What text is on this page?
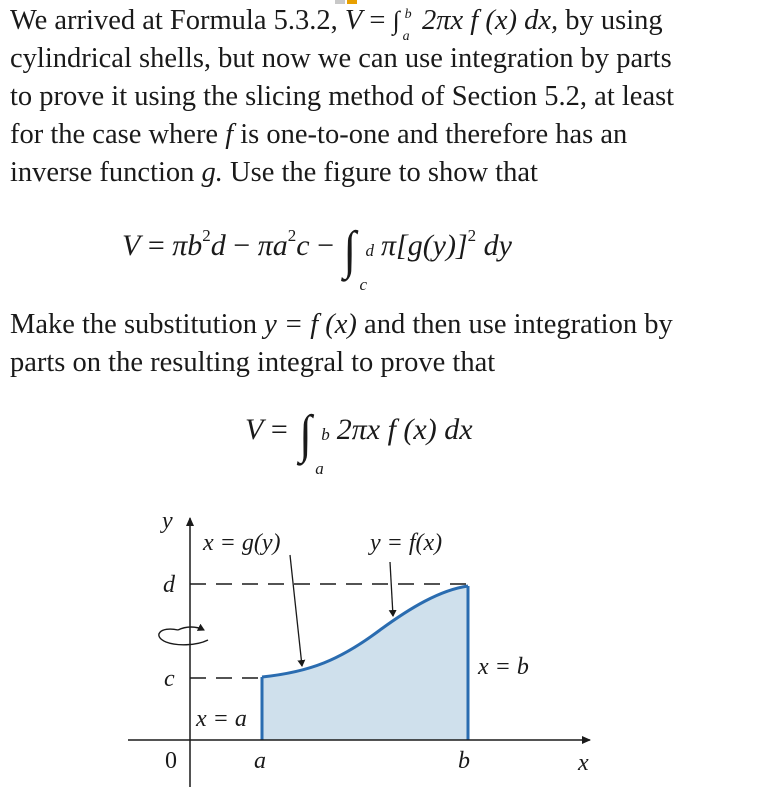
We arrived at Formula 5.3.2, V = ∫ b
a
2πx f (x) dx, by using
cylindrical shells, but now we can use integration by parts
to prove it using the slicing method of Section 5.2, at least
for the case where f is one-to-one and therefore has an
inverse function g. Use the figure to show that
$V = \pi b^2d - \pi a^2c$ − ∫ d
c
$\pi[g(y)]^2$ dy
Make the substitution y = f (x) and then use integration by
parts on the resulting integral to prove that
V = ∫ b
a
2πx f (x) dx
y
x
x = g(y)	y = f(x)
x = b
x = a
d
c
0	a	b
